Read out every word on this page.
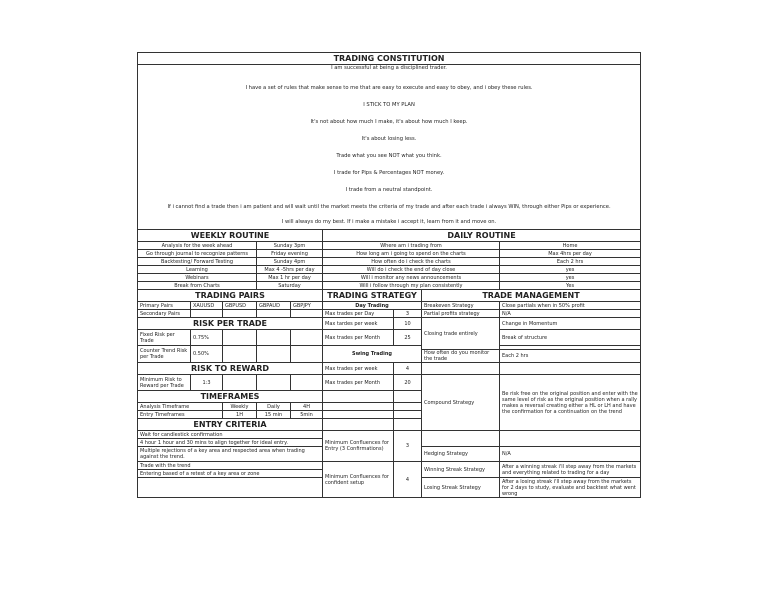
TRADING CONSTITUTION								
I am successful at being a disciplined trader.								
I have a set of rules that make sense to me that are easy to execute and easy to obey, and i obey these rules.								
I STICK TO MY PLAN								
It's not about how much I make, it's about how much I keep.								
It's about losing less.								
Trade what you see NOT what you think.								
I trade for Pips & Percentages NOT money.								
I trade from a neutral standpoint.								
If i cannot find a trade then i am patient and will wait until the market meets the criteria of my trade and after each trade i always WIN, through either Pips or experience.								
I will always do my best. If i make a mistake i accept it, learn from it and move on.								
WEEKLY ROUTINE					DAILY ROUTINE			
Analysis for the week ahead			Sunday 3pm		Where am i trading from			Home
Go through journal to recognize patterns			Friday evening		How long am i going to spend on the charts			Max 4hrs per day
Backtesting/ Forward Testing			Sunday 4pm		How often do i check the charts			Each 2 hrs
Learning			Max 4 -5hrs per day		Will do i check the end of day close			yes
Webinars			Max 1 hr per day		Will i monitor any news announcements			yes
Break from Charts			Saturday		Will i follow through my plan consistently			Yes
TRADING PAIRS					TRADING STRATEGY		TRADE MANAGEMENT	
Primary Pairs	XAUUSD	GBPUSD	GBPAUD	GBPJPY	Day Trading		Breakeven Strategy	Close partials when in 50% profit
Secondary Pairs					Max trades per Day	3	Partial profits strategy	N/A
RISK PER TRADE					Max tardes per week	10	Closing trade entirely	Change in Momentum
Fixed Risk per Trade	0.75%				Max trades per Month	25		Break of structure
Counter Trend Risk per Trade	0.50%				Swing Trading			
							How often do you monitor the trade	Each 2 hrs
RISK TO REWARD					Max trades per week	4		
Minimum Risk to Reward per Trade	1:3				Max trades per Month	20	Compound Strategy	Be risk free on the original position and enter with the same level of risk as the original position when a rally makes a reversal creating either a HL or LH and have the confirmation for a continuation on the trend
TIMEFRAMES								
Analysis Timeframe		Weekly	Daily	4H				
Entry Timeframes		1H	15 min	5min				
ENTRY CRITERIA								
Wait for candlestick confirmation					Minimum Confluences for Entry (3 Confirmations)	3		
4 hour 1 hour and 30 mins to align together for ideal entry.								
Multiple rejections of a key area and respected area when trading against the trend.							Hedging Strategy	N/A
Trade with the trend					Minimum Confluences for confident setup	4	Winning Streak Strategy	After a winning streak i'll step away from the markets and everything related to trading for a day
Entering based of a retest of a key area or zone								
							Losing Streak Strategy	After a losing streak i'll step away from the markets for 2 days to study, evaluate and backtest what went wrong
